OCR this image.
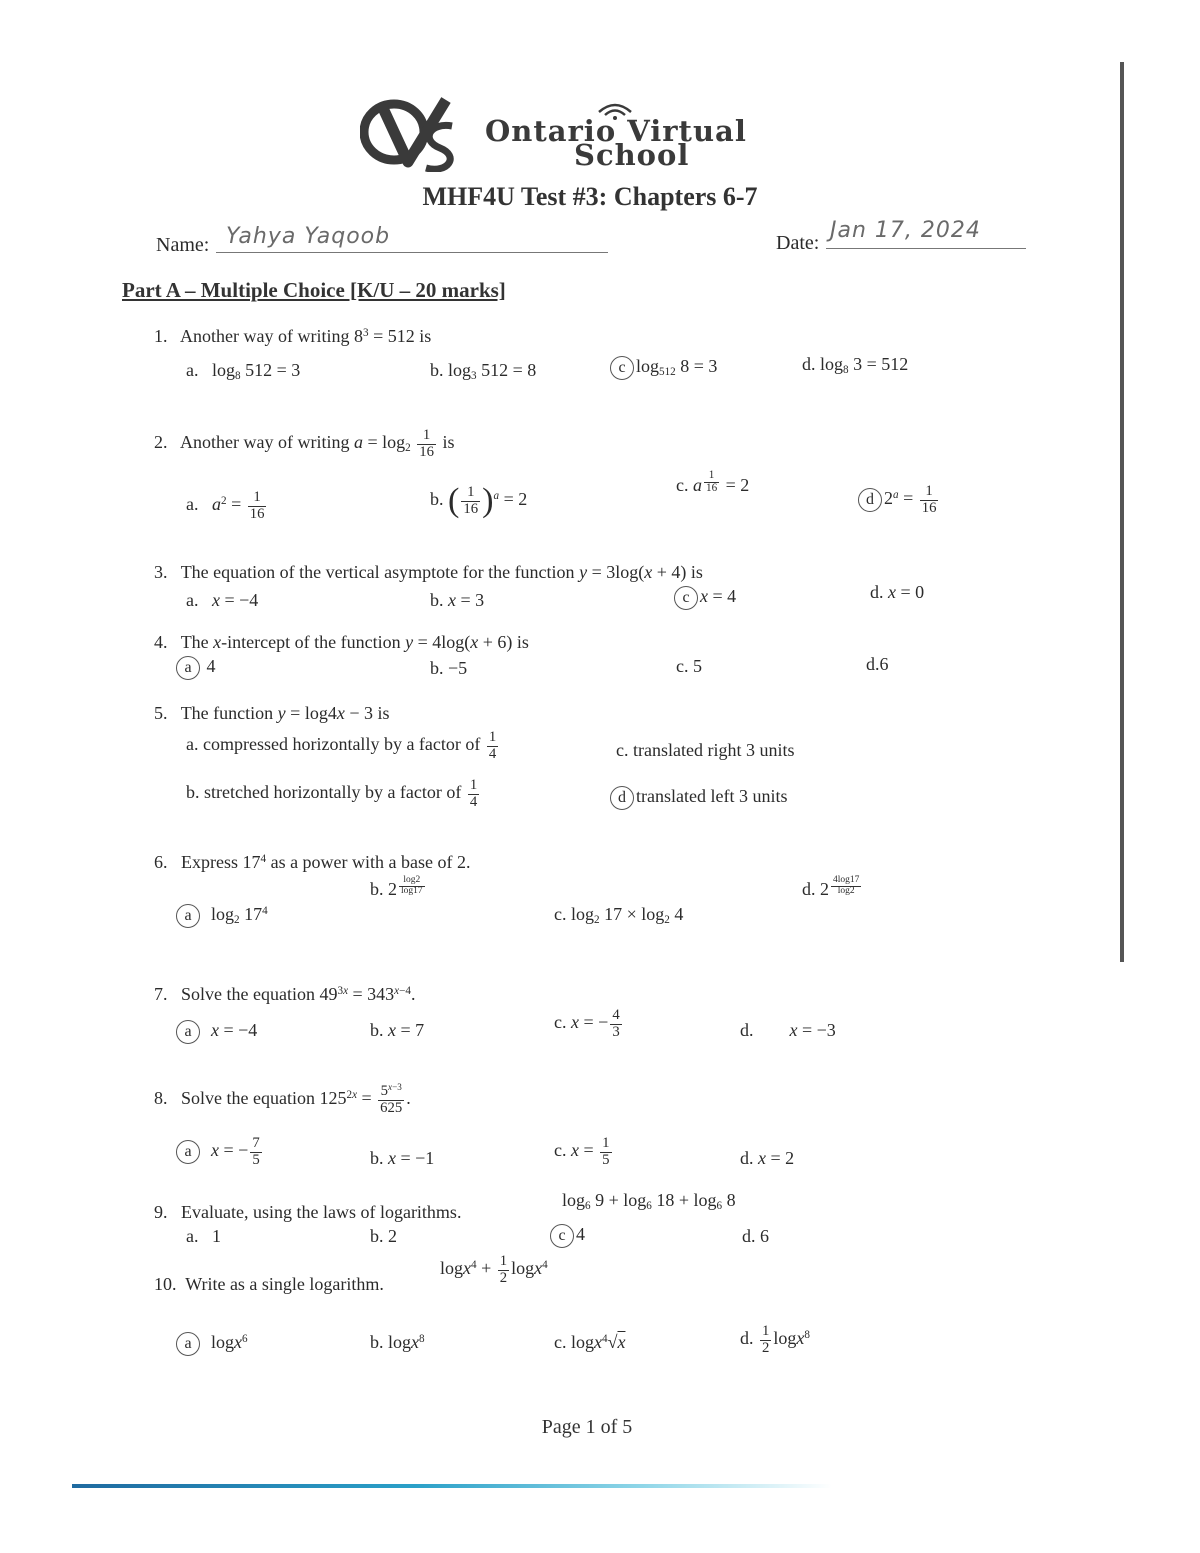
Ontario Virtual
School
MHF4U Test #3: Chapters 6-7
Name: Yahya Yaqoob	Date: Jan 17, 2024
Part A – Multiple Choice [K/U – 20 marks]
1. Another way of writing $8^3 = 512$ is
a.   $\log_8 512 = 3$	b. $\log_3 512 = 8$	c $\log_{512} 8 = 3$	d. $\log_8 3 = 512$
2. Another way of writing $a = \log_2 \frac{1}{16}$ is
a.   $a^2 = \frac{1}{16}$	b. ( $\frac{1}{16} )^a = 2$
c. a $^{\frac{1}{16}}$ = 2
d $2^a = \frac{1}{16}$
3. The equation of the vertical asymptote for the function y = 3log(x + 4) is
a.   x = −4	b. x = 3	c x = 4	d. x = 0
4. The x-intercept of the function y = 4log(x + 6) is
a 4	b. −5	c. 5	d.6
5. The function y = log4x − 3 is
a. compressed horizontally by a factor of $\frac{1}{4}$	c. translated right 3 units
b. stretched horizontally by a factor of $\frac{1}{4}$	d translated left 3 units
6. Express $17^4$ as a power with a base of 2.
a  $\log_2 17^4$
b. 2 $^{\frac{\log 2}{\log 17}}$
c. $\log_2 17 \times \log_2 4$
d. 2 $^{\frac{4\log 17}{\log 2}}$
7. Solve the equation $49^{3x} = 343^{x-4}$.
a x = −4	b. x = 7	c. x = − $\frac{4}{3}$	d.        x = −3
8. Solve the equation $125^{2x} = \frac{5^{x-3}}{625}$ .
a x = − $\frac{7}{5}$	b. x = −1	c. $x = \frac{1}{5}$	d. x = 2
9. Evaluate, using the laws of logarithms.
$\log_6 9 + \log_6 18 + \log_6 8$
a.   1	b. 2	c 4	d. 6
10. Write as a single logarithm.
$\log x^4 + \frac{1}{2} \log x^4$
a  logx$^6$	b. logx$^8$	c. logx$^4$√x	d. $\frac{1}{2} \log x^8$
Page 1 of 5
